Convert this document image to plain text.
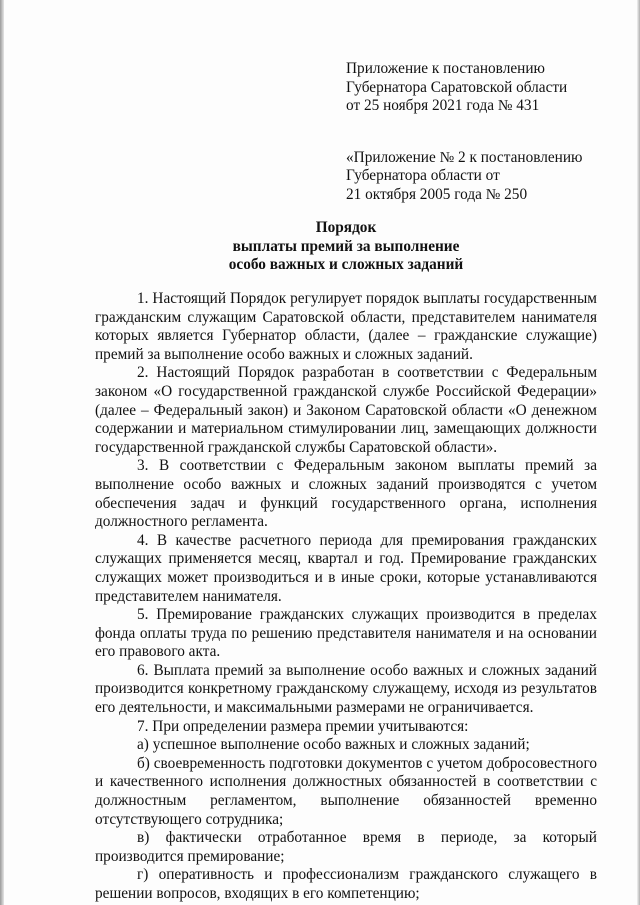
Приложение к постановлению

Губернатора Саратовской области

от 25 ноября 2021 года № 431

«Приложение № 2 к постановлению

Губернатора области от

21 октября 2005 года № 250

Порядок

выплаты премий за выполнение

особо важных и сложных заданий

1. Настоящий Порядок регулирует порядок выплаты государственным гражданским служащим Саратовской области, представителем нанимателя которых является Губернатор области, (далее – гражданские служащие) премий за выполнение особо важных и сложных заданий.

2. Настоящий Порядок разработан в соответствии с Федеральным законом «О государственной гражданской службе Российской Федерации» (далее – Федеральный закон) и Законом Саратовской области «О денежном содержании и материальном стимулировании лиц, замещающих должности государственной гражданской службы Саратовской области».

3. В соответствии с Федеральным законом выплаты премий за выполнение особо важных и сложных заданий производятся с учетом обеспечения задач и функций государственного органа, исполнения должностного регламента.

4. В качестве расчетного периода для премирования гражданских служащих применяется месяц, квартал и год. Премирование гражданских служащих может производиться и в иные сроки, которые устанавливаются представителем нанимателя.

5. Премирование гражданских служащих производится в пределах фонда оплаты труда по решению представителя нанимателя и на основании его правового акта.

6. Выплата премий за выполнение особо важных и сложных заданий производится конкретному гражданскому служащему, исходя из результатов его деятельности, и максимальными размерами не ограничивается.

7. При определении размера премии учитываются:

а) успешное выполнение особо важных и сложных заданий;

б) своевременность подготовки документов с учетом добросовестного и качественного исполнения должностных обязанностей в соответствии с должностным регламентом, выполнение обязанностей временно отсутствующего сотрудника;

в) фактически отработанное время в периоде, за который производится премирование;

г) оперативность и профессионализм гражданского служащего в решении вопросов, входящих в его компетенцию;
